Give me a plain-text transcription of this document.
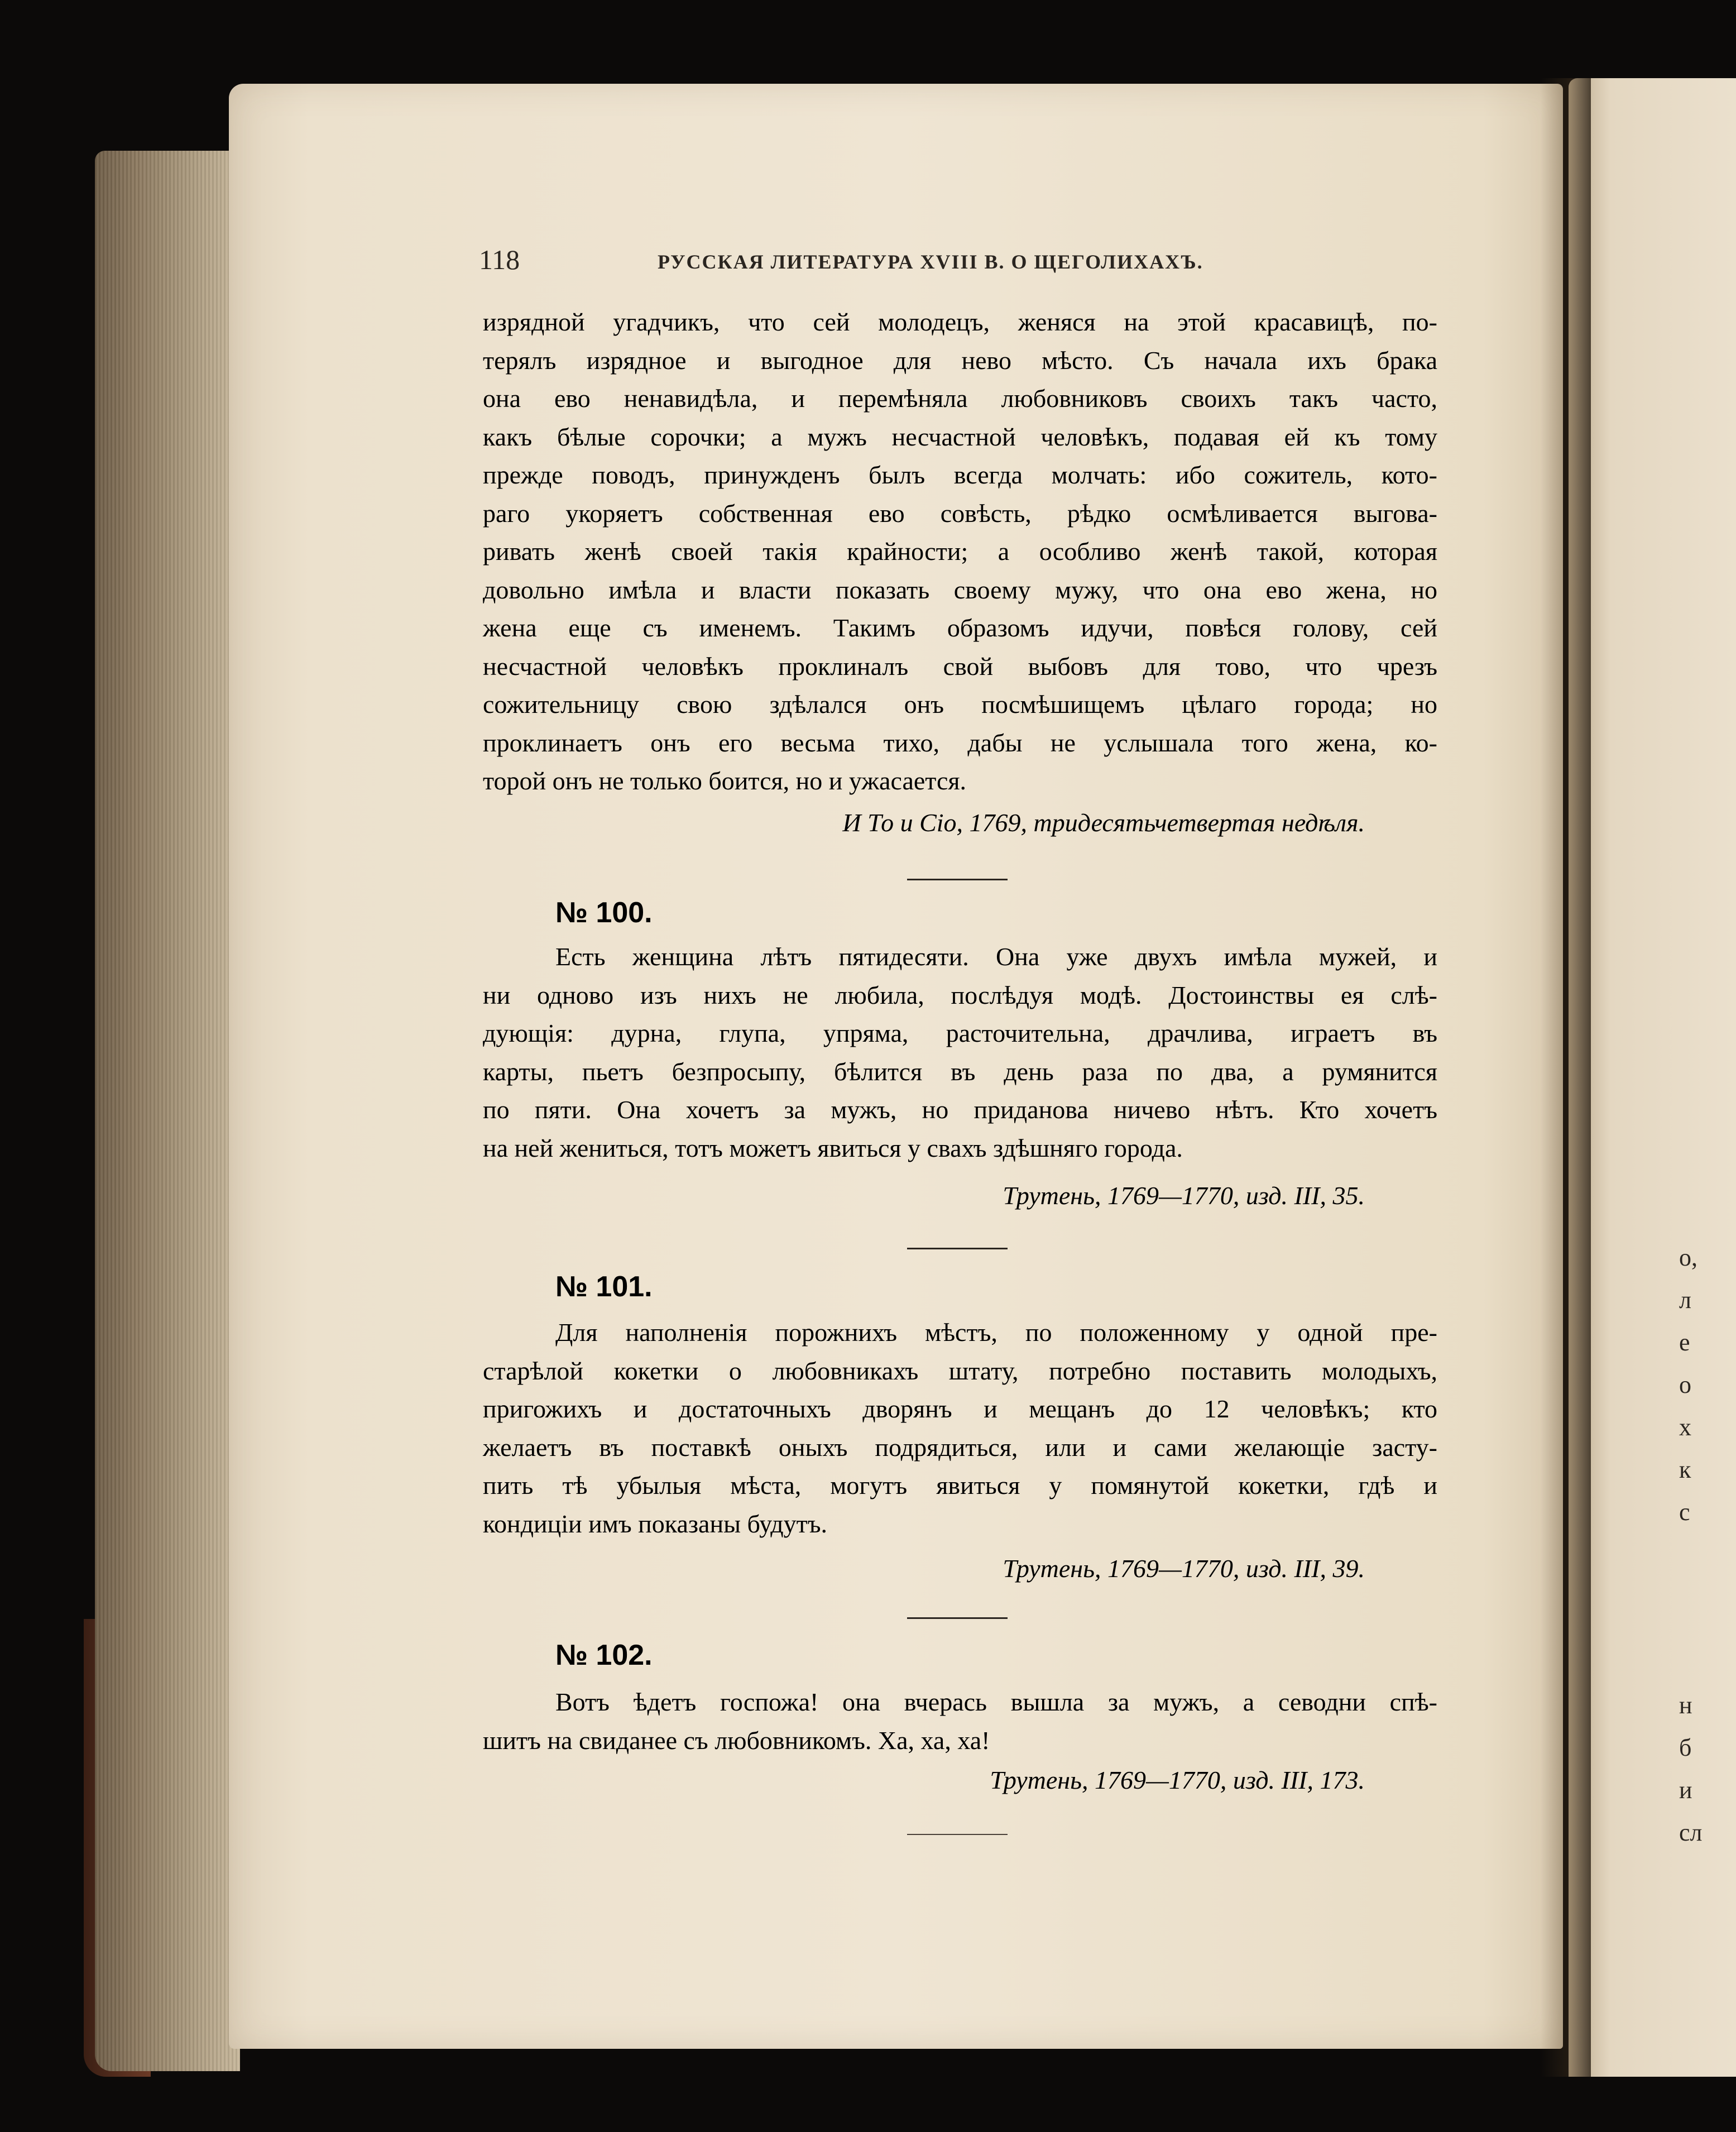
о,
л
е
о
х
к
с
н
б
и
сл
118	РУССКАЯ ЛИТЕРАТУРА XVIII В. О ЩЕГОЛИХАХЪ.

изрядной угадчикъ, что сей молодецъ, женяся на этой красавицѣ, по-
терялъ изрядное и выгодное для нево мѣсто. Съ начала ихъ брака
она ево ненавидѣла, и перемѣняла любовниковъ своихъ такъ часто,
какъ бѣлые сорочки; а мужъ несчастной человѣкъ, подавая ей къ тому
прежде поводъ, принужденъ былъ всегда молчать: ибо сожитель, кото-
раго укоряетъ собственная ево совѣсть, рѣдко осмѣливается выгова-
ривать женѣ своей такія крайности; а особливо женѣ такой, которая
довольно имѣла и власти показать своему мужу, что она ево жена, но
жена еще съ именемъ. Такимъ образомъ идучи, повѣся голову, сей
несчастной человѣкъ проклиналъ свой выбовъ для тово, что чрезъ
сожительницу свою здѣлался онъ посмѣшищемъ цѣлаго города; но
проклинаетъ онъ его весьма тихо, дабы не услышала того жена, ко-
торой онъ не только боится, но и ужасается.

И То и Сіо, 1769, тридесятьчетвертая недѣля.

№ 100.

Есть женщина лѣтъ пятидесяти. Она уже двухъ имѣла мужей, и
ни одново изъ нихъ не любила, послѣдуя модѣ. Достоинствы ея слѣ-
дующія: дурна, глупа, упряма, расточительна, драчлива, играетъ въ
карты, пьетъ безпросыпу, бѣлится въ день раза по два, а румянится
по пяти. Она хочетъ за мужъ, но приданова ничево нѣтъ. Кто хочетъ
на ней жениться, тотъ можетъ явиться у свахъ здѣшняго города.

Трутень, 1769—1770, изд. III, 35.

№ 101.

Для наполненія порожнихъ мѣстъ, по положенному у одной пре-
старѣлой кокетки о любовникахъ штату, потребно поставить молодыхъ,
пригожихъ и достаточныхъ дворянъ и мещанъ до 12 человѣкъ; кто
желаетъ въ поставкѣ оныхъ подрядиться, или и сами желающіе засту-
пить тѣ убылыя мѣста, могутъ явиться у помянутой кокетки, гдѣ и
кондиціи имъ показаны будутъ.

Трутень, 1769—1770, изд. III, 39.

№ 102.

Вотъ ѣдетъ госпожа! она вчерась вышла за мужъ, а севодни спѣ-
шитъ на свиданее съ любовникомъ. Ха, ха, ха!

Трутень, 1769—1770, изд. III, 173.
